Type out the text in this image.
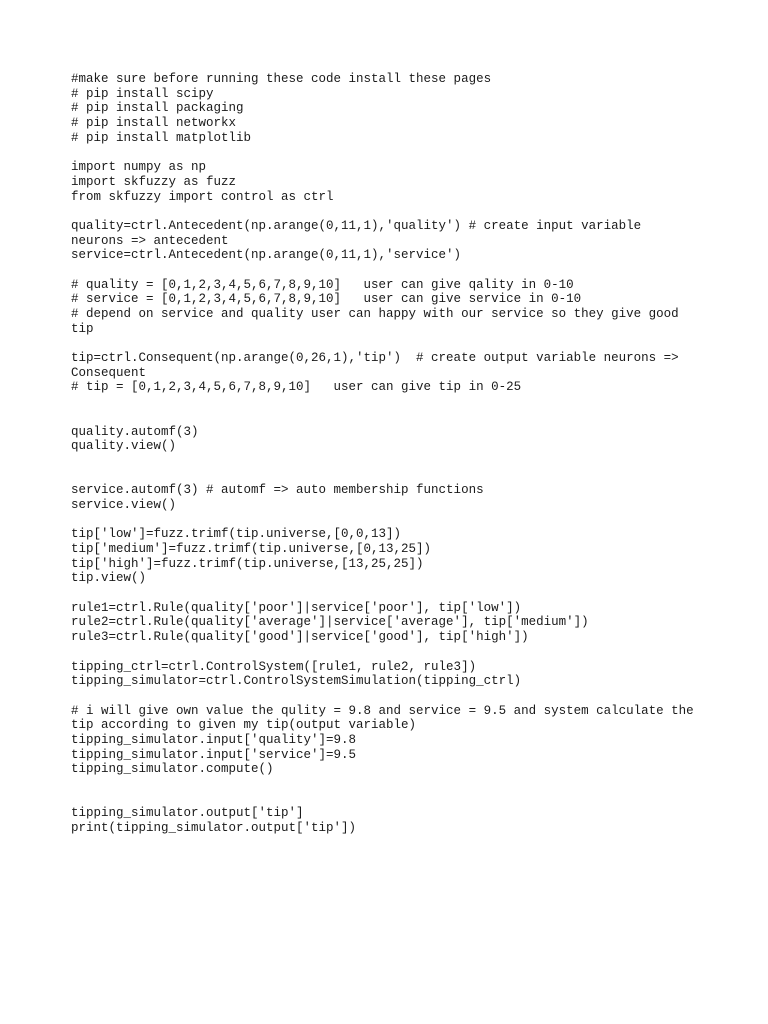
#make sure before running these code install these pages
# pip install scipy
# pip install packaging
# pip install networkx
# pip install matplotlib
import numpy as np
import skfuzzy as fuzz
from skfuzzy import control as ctrl
quality=ctrl.Antecedent(np.arange(0,11,1),'quality') # create input variable
neurons => antecedent
service=ctrl.Antecedent(np.arange(0,11,1),'service')
# quality = [0,1,2,3,4,5,6,7,8,9,10]   user can give qality in 0-10
# service = [0,1,2,3,4,5,6,7,8,9,10]   user can give service in 0-10
# depend on service and quality user can happy with our service so they give good
tip
tip=ctrl.Consequent(np.arange(0,26,1),'tip')  # create output variable neurons =>
Consequent
# tip = [0,1,2,3,4,5,6,7,8,9,10]   user can give tip in 0-25
quality.automf(3)
quality.view()
service.automf(3) # automf => auto membership functions
service.view()
tip['low']=fuzz.trimf(tip.universe,[0,0,13])
tip['medium']=fuzz.trimf(tip.universe,[0,13,25])
tip['high']=fuzz.trimf(tip.universe,[13,25,25])
tip.view()
rule1=ctrl.Rule(quality['poor']|service['poor'], tip['low'])
rule2=ctrl.Rule(quality['average']|service['average'], tip['medium'])
rule3=ctrl.Rule(quality['good']|service['good'], tip['high'])
tipping_ctrl=ctrl.ControlSystem([rule1, rule2, rule3])
tipping_simulator=ctrl.ControlSystemSimulation(tipping_ctrl)
# i will give own value the qulity = 9.8 and service = 9.5 and system calculate the
tip according to given my tip(output variable)
tipping_simulator.input['quality']=9.8
tipping_simulator.input['service']=9.5
tipping_simulator.compute()
tipping_simulator.output['tip']
print(tipping_simulator.output['tip'])
